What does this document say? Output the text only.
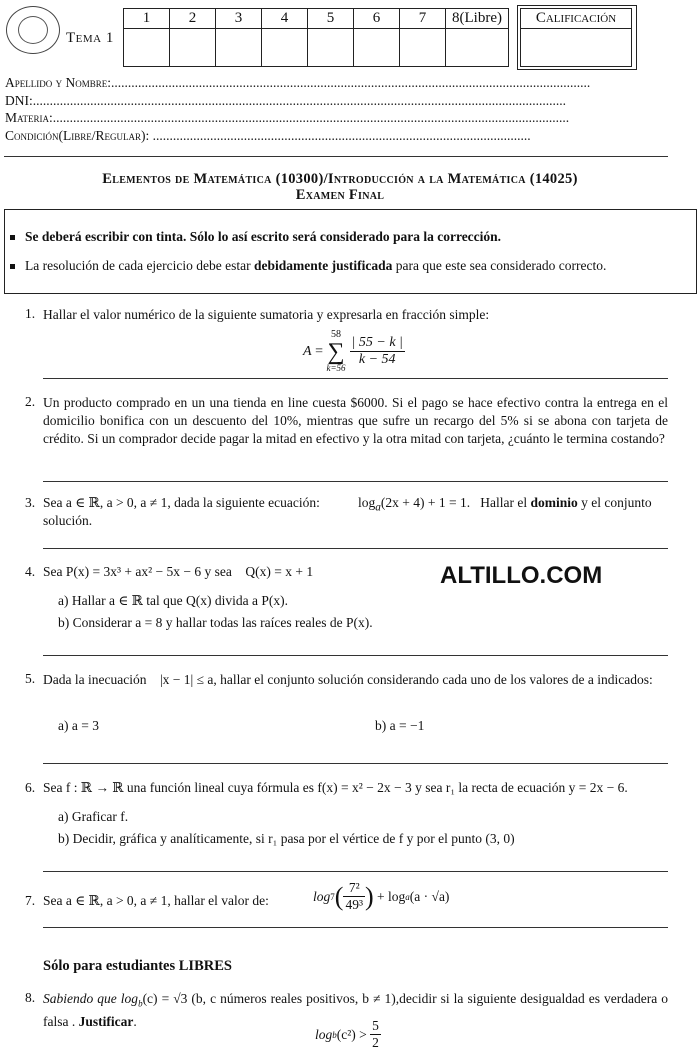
Tema 1
1	2	3	4	5	6	7	8(Libre)
							Calificación

Apellido y Nombre:..............................................................................................................................................
DNI:..............................................................................................................................................................
Materia:.........................................................................................................................................................
Condición(Libre/Regular): ................................................................................................................
Elementos de Matemática (10300)/Introducción a la Matemática (14025)
Examen Final
Se deberá escribir con tinta. Sólo lo así escrito será considerado para la corrección.
La resolución de cada ejercicio debe estar debidamente justificada para que este sea considerado correcto.
1. Hallar el valor numérico de la siguiente sumatoria y expresarla en fracción simple:
A =
58
∑
$k=56 \frac{| 55 - k |}{k - 54}$
2. Un producto comprado en un una tienda en line cuesta $6000. Si el pago se hace efectivo contra la entrega en el domicilio bonifica con un descuento del 10%, mientras que sufre un recargo del 5% si se abona con tarjeta de crédito. Si un comprador decide pagar la mitad en efectivo y la otra mitad con tarjeta, ¿cuánto le termina costando?
3. Sea a ∈ ℝ, a > 0, a ≠ 1, dada la siguiente ecuación:	$\log_a(2x + 4) + 1 = 1$. Hallar el dominio y el conjunto
solución.
4. Sea P(x) = 3x³ + ax² − 5x − 6 y sea    Q(x) = x + 1	ALTILLO.COM
a) Hallar a ∈ ℝ tal que Q(x) divida a P(x).
b) Considerar a = 8 y hallar todas las raíces reales de P(x).
5. Dada la inecuación    |x − 1| ≤ a, hallar el conjunto solución considerando cada uno de los valores de a indicados:
a) a = 3	b) a = −1
6. Sea f : ℝ → ℝ una función lineal cuya fórmula es f(x) = x² − 2x − 3 y sea r₁ la recta de ecuación y = 2x − 6.
a) Graficar f.
b) Decidir, gráfica y analíticamente, si r₁ pasa por el vértice de f y por el punto (3, 0)
7. Sea a ∈ ℝ, a > 0, a ≠ 1, hallar el valor de:	log 7 ( $\frac{\text{7²}}{\text{49³}}$ )
+ log a (a · √a)
Sólo para estudiantes LIBRES
8. Sabiendo que $\log_b(c) = √3$ (b, c números reales positivos, b ≠ 1),decidir si la siguiente desigualdad es verdadera o falsa . Justificar.
log b (c²) >
$\frac{5}{2}$
